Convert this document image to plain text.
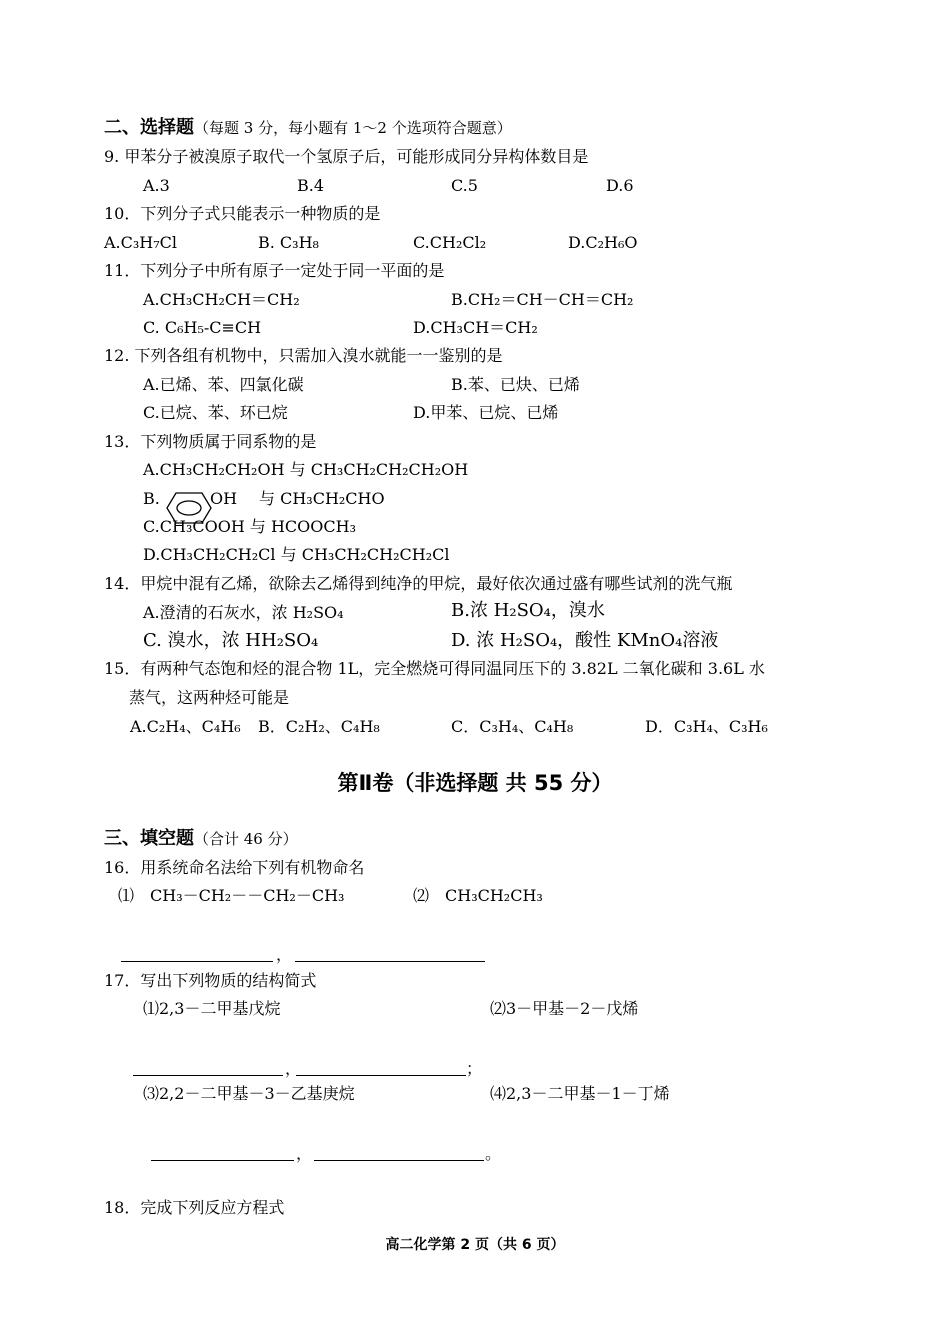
二、选择题（每题 3 分，每小题有 1～2 个选项符合题意）
9. 甲苯分子被溴原子取代一个氢原子后，可能形成同分异构体数目是
A.3	B.4	C.5	D.6
10．下列分子式只能表示一种物质的是
A.C₃H₇Cl	B. C₃H₈	C.CH₂Cl₂	D.C₂H₆O
11．下列分子中所有原子一定处于同一平面的是
A.CH₃CH₂CH＝CH₂	B.CH₂＝CH－CH＝CH₂
C. C₆H₅-C≡CH	D.CH₃CH＝CH₂
12. 下列各组有机物中，只需加入溴水就能一一鉴别的是
A.已烯、苯、四氯化碳	B.苯、已炔、已烯
C.已烷、苯、环已烷	D.甲苯、已烷、已烯
13．下列物质属于同系物的是
A.CH₃CH₂CH₂OH 与 CH₃CH₂CH₂CH₂OH
B.	OH 与 CH₃CH₂CHO
C.CH₃COOH 与 HCOOCH₃
D.CH₃CH₂CH₂Cl 与 CH₃CH₂CH₂CH₂Cl
14．甲烷中混有乙烯，欲除去乙烯得到纯净的甲烷，最好依次通过盛有哪些试剂的洗气瓶
A.澄清的石灰水，浓 H₂SO₄	B.浓 H₂SO₄，溴水
C. 溴水，浓 HH₂SO₄	D. 浓 H₂SO₄，酸性 KMnO₄溶液
15．有两种气态饱和烃的混合物 1L，完全燃烧可得同温同压下的 3.82L 二氧化碳和 3.6L 水
蒸气，这两种烃可能是
A.C₂H₄、C₄H₆ B．C₂H₂、C₄H₈	C．C₃H₄、C₄H₈	D．C₃H₄、C₃H₆
第Ⅱ卷（非选择题 共 55 分）
三、填空题（合计 46 分）
16．用系统命名法给下列有机物命名
⑴　CH₃－CH₂－－CH₂－CH₃	⑵　CH₃CH₂CH₃
，
17．写出下列物质的结构简式
⑴2,3－二甲基戊烷	⑵3－甲基－2－戊烯
，	；
⑶2,2－二甲基－3－乙基庚烷	⑷2,3－二甲基－1－丁烯
，	。
18．完成下列反应方程式
高二化学第 2 页（共 6 页）
